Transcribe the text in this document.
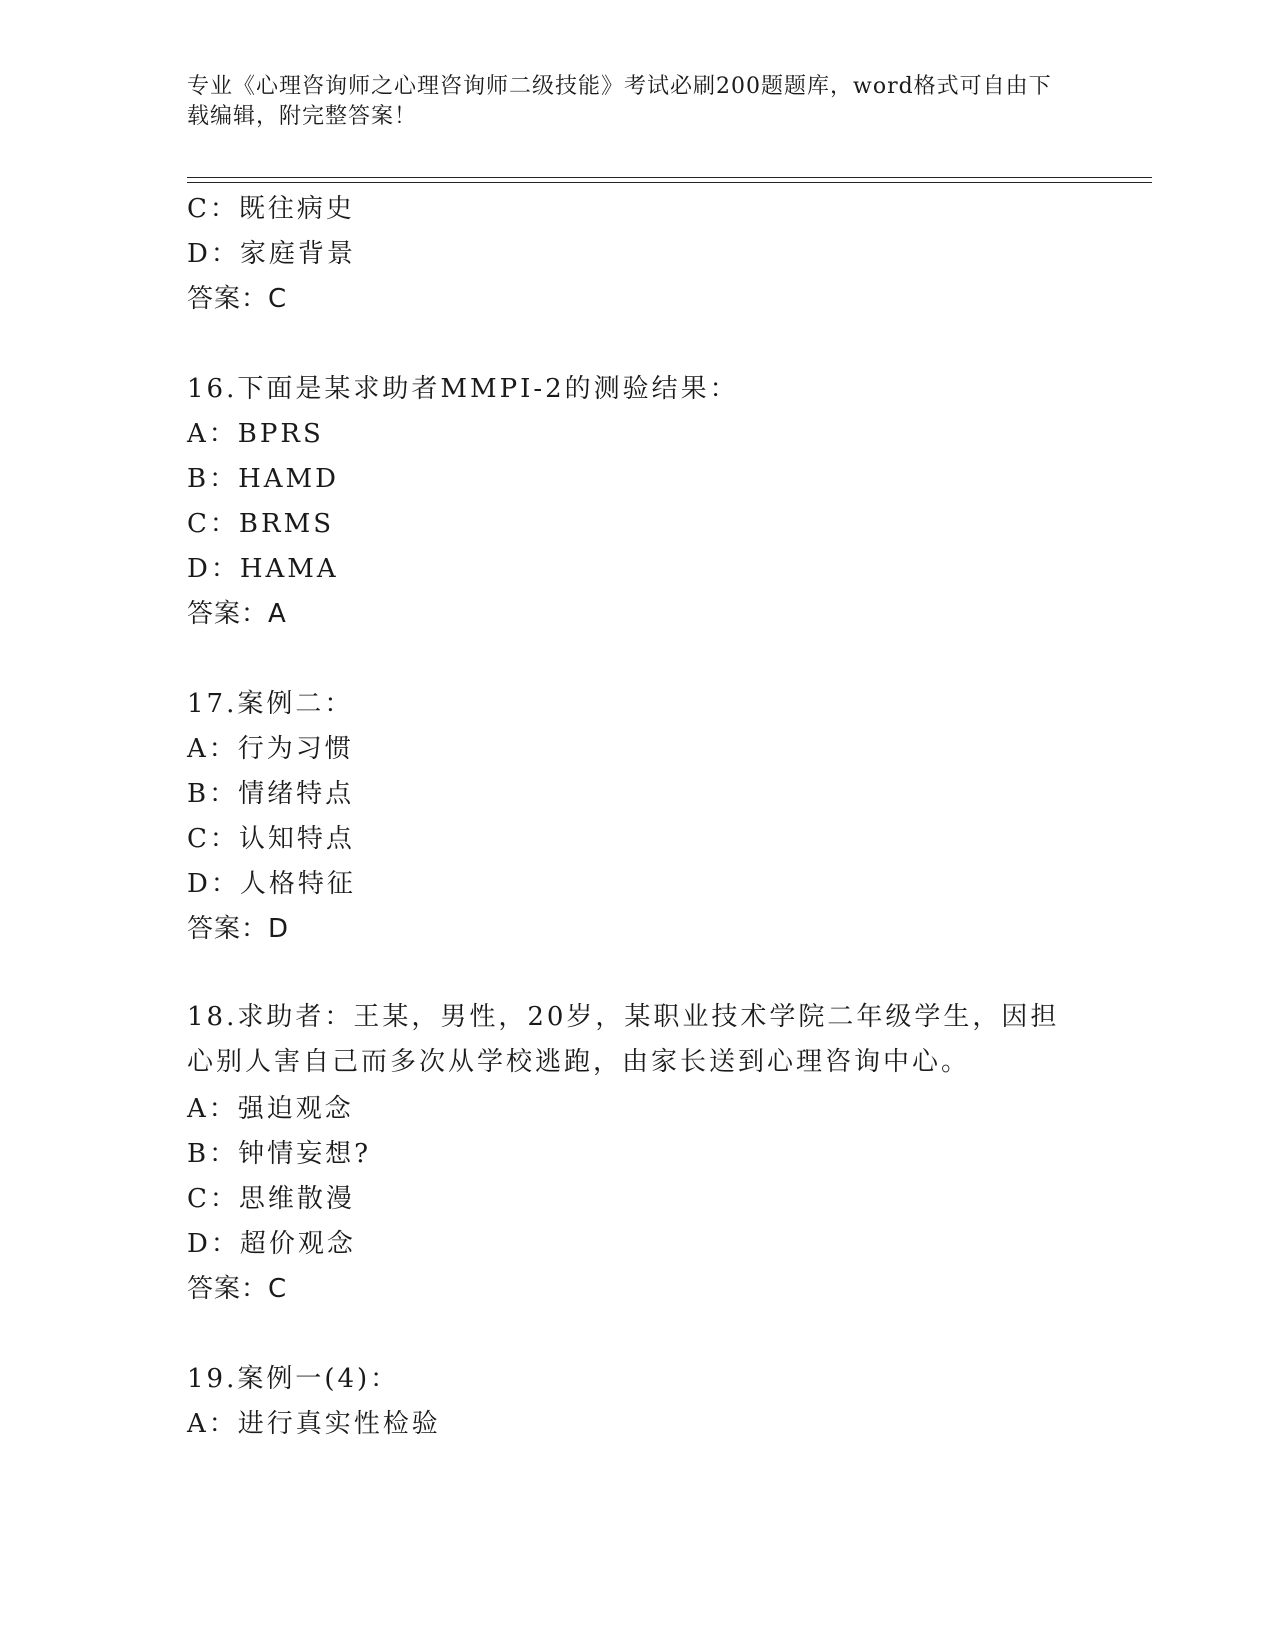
专业《心理咨询师之心理咨询师二级技能》考试必刷200题题库，word格式可自由下载编辑，附完整答案！
C：既往病史
D：家庭背景
答案：C
16.下面是某求助者MMPI-2的测验结果：
A：BPRS
B：HAMD
C：BRMS
D：HAMA
答案：A
17.案例二：
A：行为习惯
B：情绪特点
C：认知特点
D：人格特征
答案：D
18.求助者：王某，男性，20岁，某职业技术学院二年级学生，因担心别人害自己而多次从学校逃跑，由家长送到心理咨询中心。
A：强迫观念
B：钟情妄想?
C：思维散漫
D：超价观念
答案：C
19.案例一(4)：
A：进行真实性检验
